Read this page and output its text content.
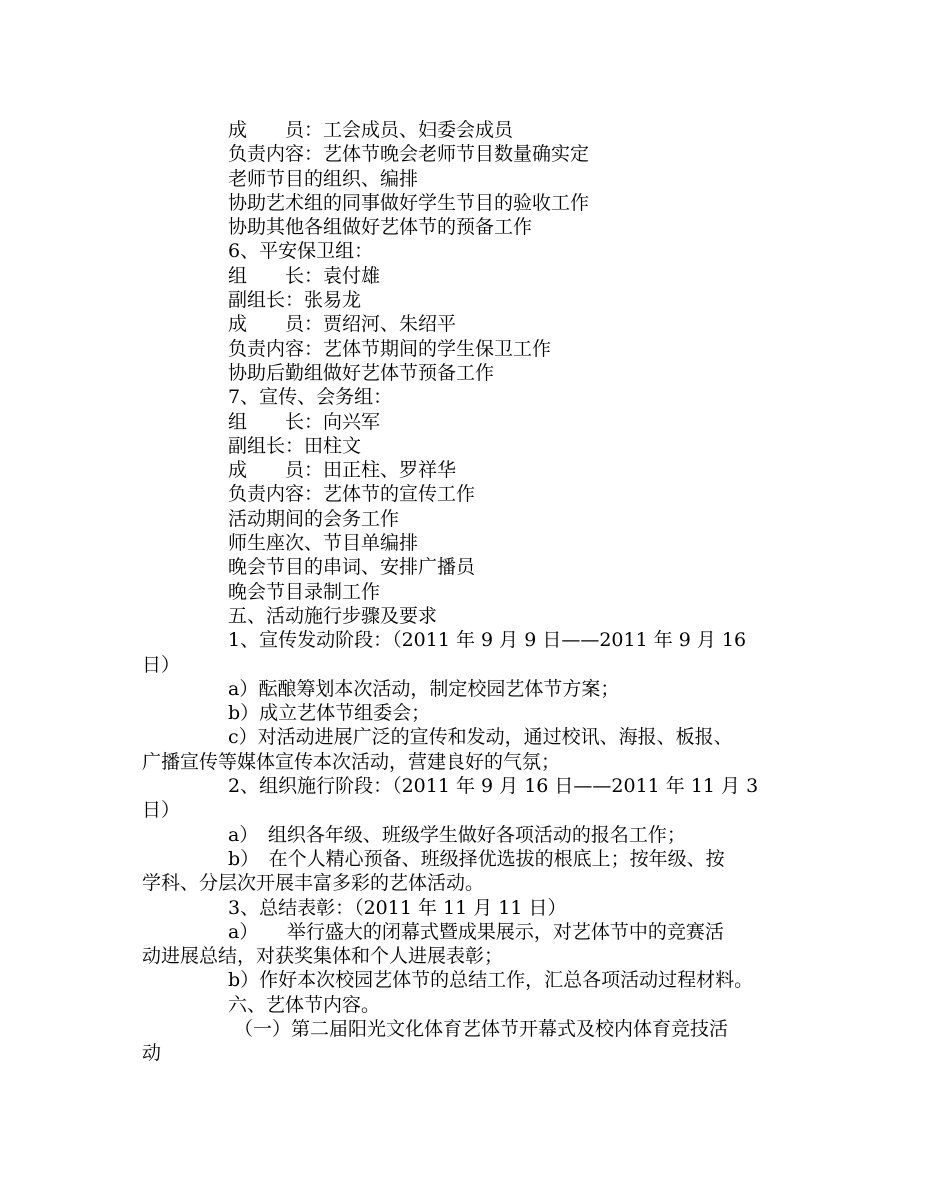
成　　员：工会成员、妇委会成员
负责内容：艺体节晚会老师节目数量确实定
老师节目的组织、编排
协助艺术组的同事做好学生节目的验收工作
协助其他各组做好艺体节的预备工作
6、平安保卫组：
组　　长：袁付雄
副组长：张易龙
成　　员：贾绍河、朱绍平
负责内容：艺体节期间的学生保卫工作
协助后勤组做好艺体节预备工作
7、宣传、会务组：
组　　长：向兴军
副组长：田柱文
成　　员：田正柱、罗祥华
负责内容：艺体节的宣传工作
活动期间的会务工作
师生座次、节目单编排
晚会节目的串词、安排广播员
晚会节目录制工作
五、活动施行步骤及要求
1、宣传发动阶段：（2011 年 9 月 9 日——2011 年 9 月 16
日）
a）酝酿筹划本次活动，制定校园艺体节方案；
b）成立艺体节组委会；
c）对活动进展广泛的宣传和发动，通过校讯、海报、板报、
广播宣传等媒体宣传本次活动，营建良好的气氛；
2、组织施行阶段：（2011 年 9 月 16 日——2011 年 11 月 3
日）
a）　组织各年级、班级学生做好各项活动的报名工作；
b）　在个人精心预备、班级择优选拔的根底上；按年级、按
学科、分层次开展丰富多彩的艺体活动。
3、总结表彰：（2011 年 11 月 11 日）
a）　　举行盛大的闭幕式暨成果展示，对艺体节中的竞赛活
动进展总结，对获奖集体和个人进展表彰；
b）作好本次校园艺体节的总结工作，汇总各项活动过程材料。
六、艺体节内容。
（一）第二届阳光文化体育艺体节开幕式及校内体育竞技活
动
